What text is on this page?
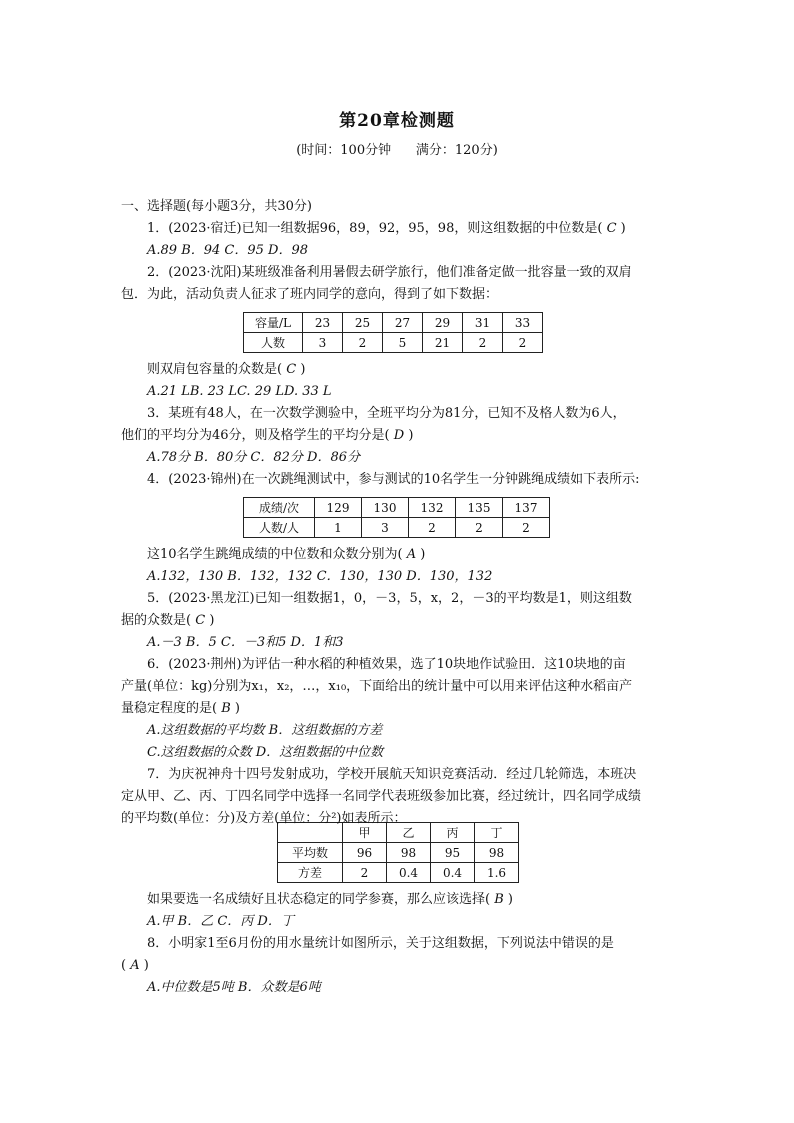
第20章检测题
(时间：100分钟      满分：120分)
一、选择题(每小题3分，共30分)
1．(2023·宿迁)已知一组数据96，89，92，95，98，则这组数据的中位数是( C )
A.89 B．94 C．95 D．98
2．(2023·沈阳)某班级准备利用暑假去研学旅行，他们准备定做一批容量一致的双肩
包．为此，活动负责人征求了班内同学的意向，得到了如下数据：
容量/L	23	25	27	29	31	33
人数	3	2	5	21	2	2
则双肩包容量的众数是( C )
A.21 LB. 23 LC. 29 LD. 33 L
3．某班有48人，在一次数学测验中，全班平均分为81分，已知不及格人数为6人，
他们的平均分为46分，则及格学生的平均分是( D )
A.78分 B．80分 C．82分 D．86分
4．(2023·锦州)在一次跳绳测试中，参与测试的10名学生一分钟跳绳成绩如下表所示:
成绩/次	129	130	132	135	137
人数/人	1	3	2	2	2
这10名学生跳绳成绩的中位数和众数分别为( A )
A.132，130 B．132，132 C．130，130 D．130，132
5．(2023·黑龙江)已知一组数据1，0，－3，5，x，2，－3的平均数是1，则这组数
据的众数是( C )
A.－3 B．5 C．－3和5 D．1和3
6．(2023·荆州)为评估一种水稻的种植效果，选了10块地作试验田．这10块地的亩
产量(单位：kg)分别为x₁，x₂，…，x₁₀，下面给出的统计量中可以用来评估这种水稻亩产
量稳定程度的是( B )
A.这组数据的平均数 B．这组数据的方差
C.这组数据的众数 D．这组数据的中位数
7．为庆祝神舟十四号发射成功，学校开展航天知识竞赛活动．经过几轮筛选，本班决
定从甲、乙、丙、丁四名同学中选择一名同学代表班级参加比赛，经过统计，四名同学成绩
的平均数(单位：分)及方差(单位：分²)如表所示：
	甲	乙	丙	丁
平均数	96	98	95	98
方差	2	0.4	0.4	1.6
如果要选一名成绩好且状态稳定的同学参赛，那么应该选择( B )
A.甲 B．乙 C．丙 D．丁
8．小明家1至6月份的用水量统计如图所示，关于这组数据，下列说法中错误的是
( A )
A.中位数是5吨 B．众数是6吨
